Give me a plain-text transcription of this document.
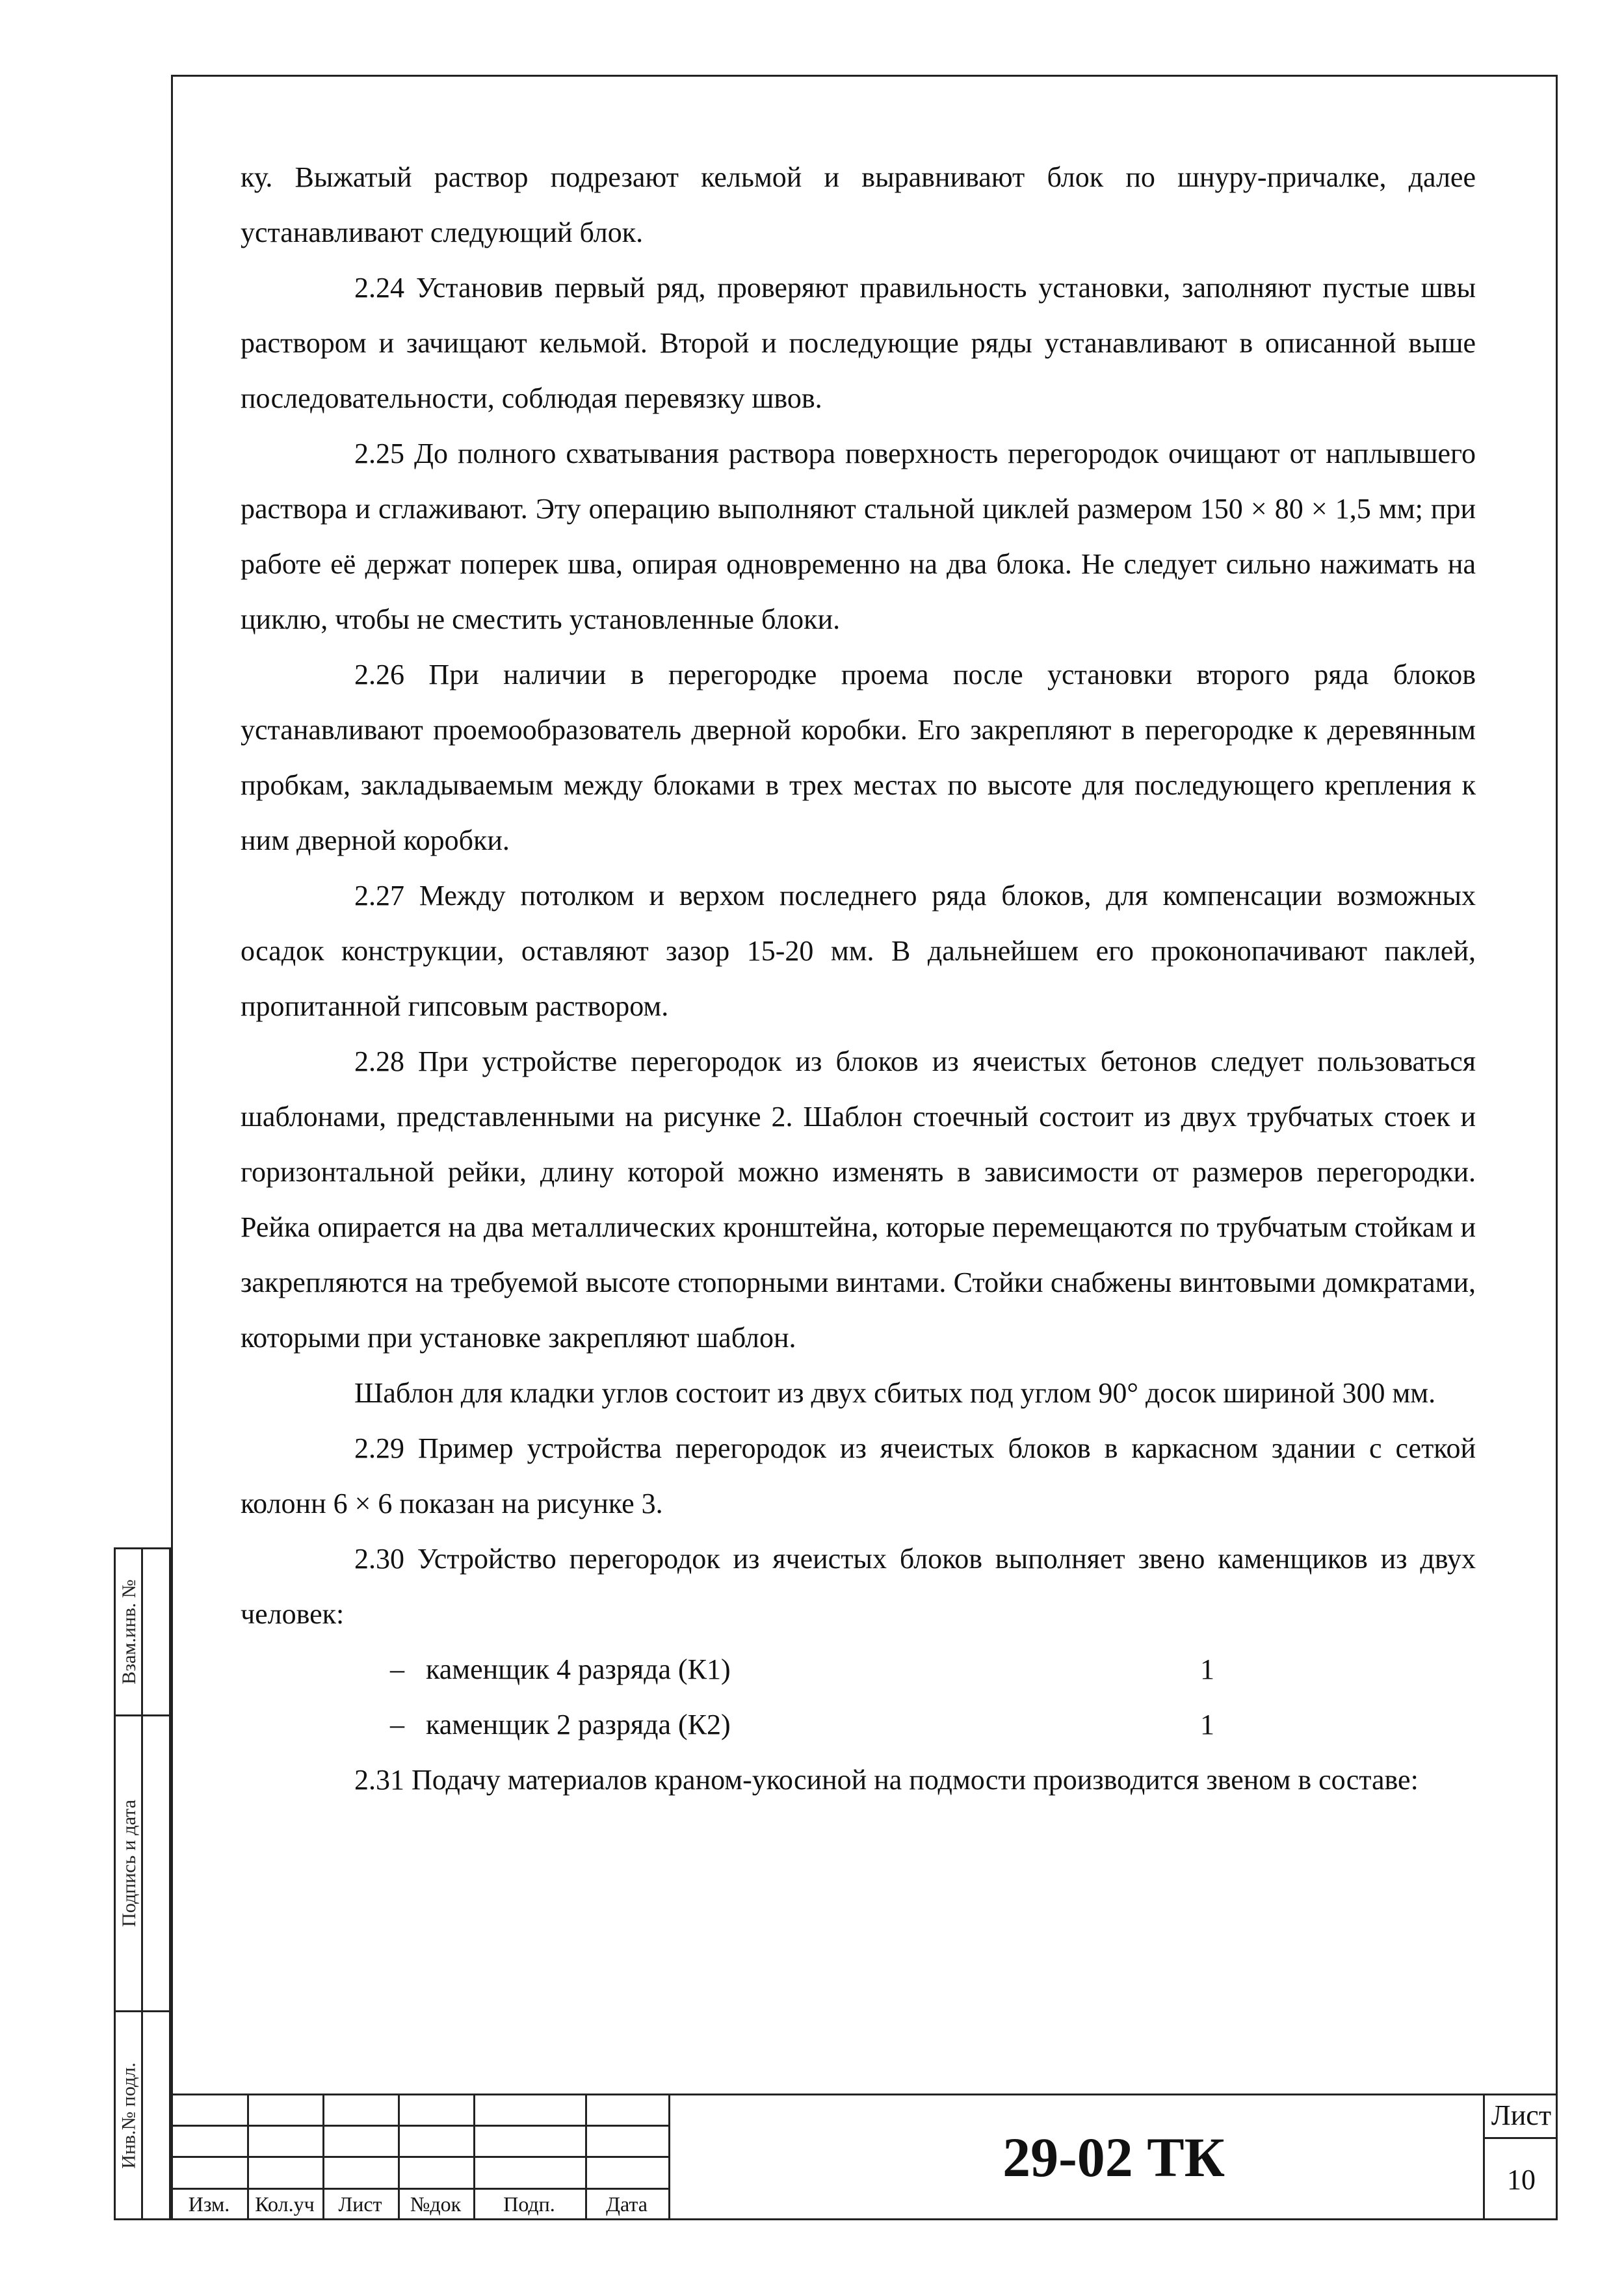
ку. Выжатый раствор подрезают кельмой и выравнивают блок по шнуру-причалке, далее устанавливают следующий блок.

2.24 Установив первый ряд, проверяют правильность установки, заполняют пустые швы раствором и зачищают кельмой. Второй и последующие ряды устанавливают в описанной выше последовательности, соблюдая перевязку швов.

2.25 До полного схватывания раствора поверхность перегородок очищают от наплывшего раствора и сглаживают. Эту операцию выполняют стальной циклей размером 150 × 80 × 1,5 мм; при работе её держат поперек шва, опирая одновременно на два блока. Не следует сильно нажимать на циклю, чтобы не сместить установленные блоки.

2.26 При наличии в перегородке проема после установки второго ряда блоков устанавливают проемообразователь дверной коробки. Его закрепляют в перегородке к деревянным пробкам, закладываемым между блоками в трех местах по высоте для последующего крепления к ним дверной коробки.

2.27 Между потолком и верхом последнего ряда блоков, для компенсации возможных осадок конструкции, оставляют зазор 15-20 мм. В дальнейшем его проконопачивают паклей, пропитанной гипсовым раствором.

2.28 При устройстве перегородок из блоков из ячеистых бетонов следует пользоваться шаблонами, представленными на рисунке 2. Шаблон стоечный состоит из двух трубчатых стоек и горизонтальной рейки, длину которой можно изменять в зависимости от размеров перегородки. Рейка опирается на два металлических кронштейна, которые перемещаются по трубчатым стойкам и закрепляются на требуемой высоте стопорными винтами. Стойки снабжены винтовыми домкратами, которыми при установке закрепляют шаблон.

Шаблон для кладки углов состоит из двух сбитых под углом 90° досок шириной 300 мм.

2.29 Пример устройства перегородок из ячеистых блоков в каркасном здании с сеткой колонн 6 × 6 показан на рисунке 3.

2.30 Устройство перегородок из ячеистых блоков выполняет звено каменщиков из двух человек:

– каменщик 4 разряда (К1)	1
– каменщик 2 разряда (К2)	1

2.31 Подачу материалов краном-укосиной на подмости производится звеном в составе:

Взам.инв. №
Подпись и дата
Инв.№ подл.
Изм.	Кол.уч	Лист	№док	Подп.	Дата
29-02 ТК
Лист
10
